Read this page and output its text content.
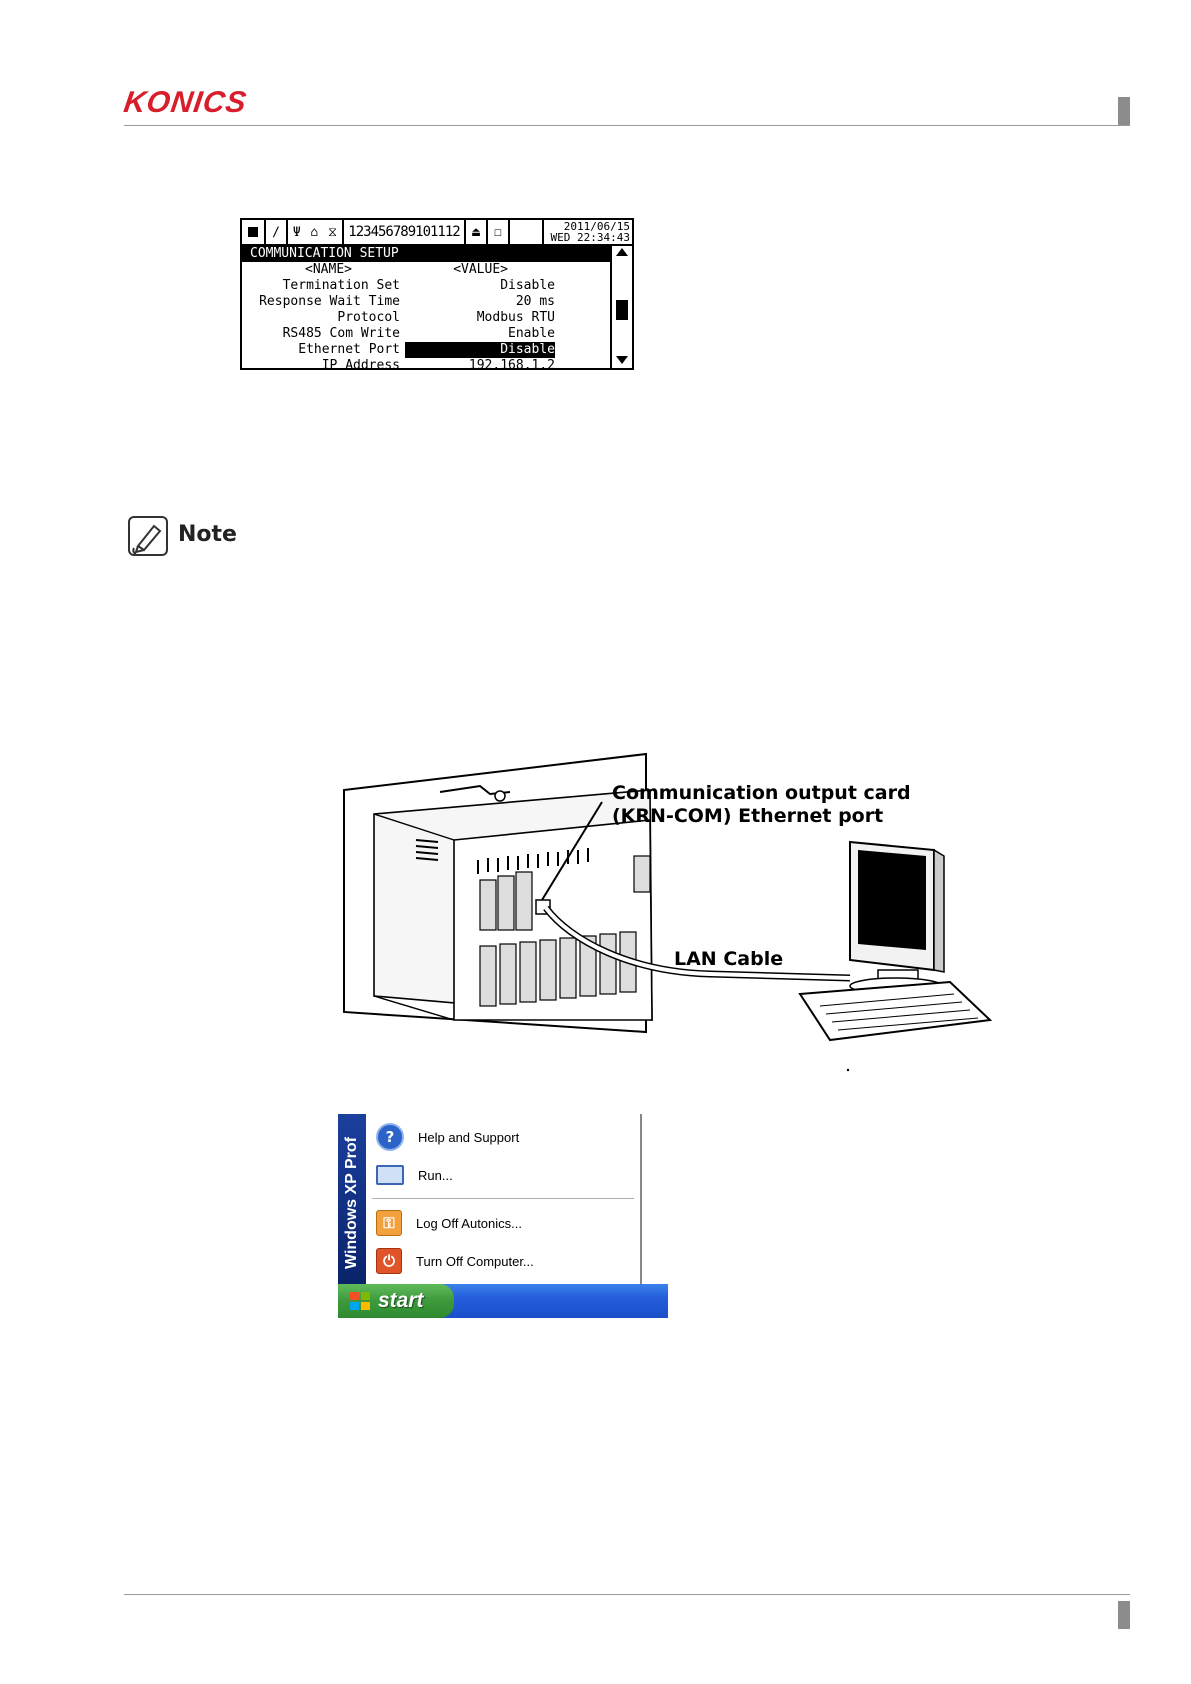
KONICS
∕ Ψ ⌂ ⧖ 123456789101112 ⏏	☐	2011/06/15
WED 22:34:43
COMMUNICATION SETUP
<NAME>	<VALUE>
Termination Set	Disable
Response Wait Time	20 ms
Protocol	Modbus RTU
RS485 Com Write	Enable
Ethernet Port	Disable
IP Address	192.168.1.2
Note
Communication output card
(KRN-COM) Ethernet port
LAN Cable
Windows XP Prof	?	Help and Support
Run...
⚿	Log Off Autonics...
⏻	Turn Off Computer...
start
